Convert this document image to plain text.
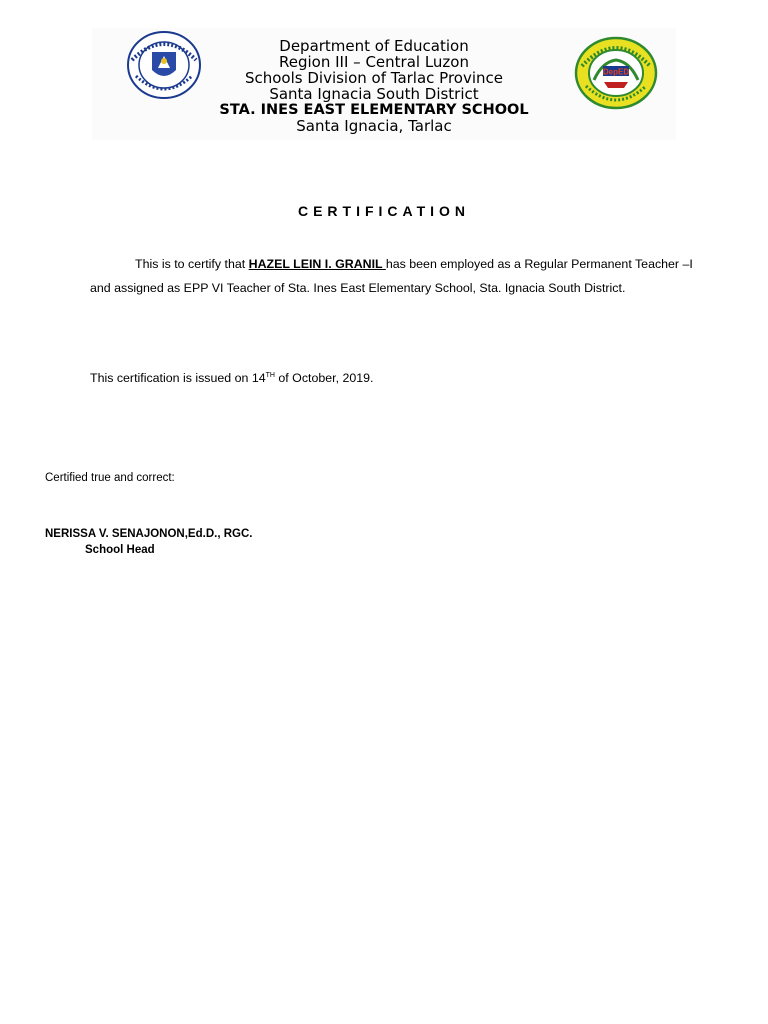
Department of Education
Region III – Central Luzon
Schools Division of Tarlac Province
Santa Ignacia South District
STA. INES EAST ELEMENTARY SCHOOL
Santa Ignacia, Tarlac
DepED
CERTIFICATION
This is to certify that HAZEL LEIN I. GRANIL has been employed as a Regular Permanent Teacher –I and assigned as EPP VI Teacher of Sta. Ines East Elementary School, Sta. Ignacia South District.
This certification is issued on 14TH of October, 2019.
Certified true and correct:
NERISSA V. SENAJONON,Ed.D., RGC.
School Head
